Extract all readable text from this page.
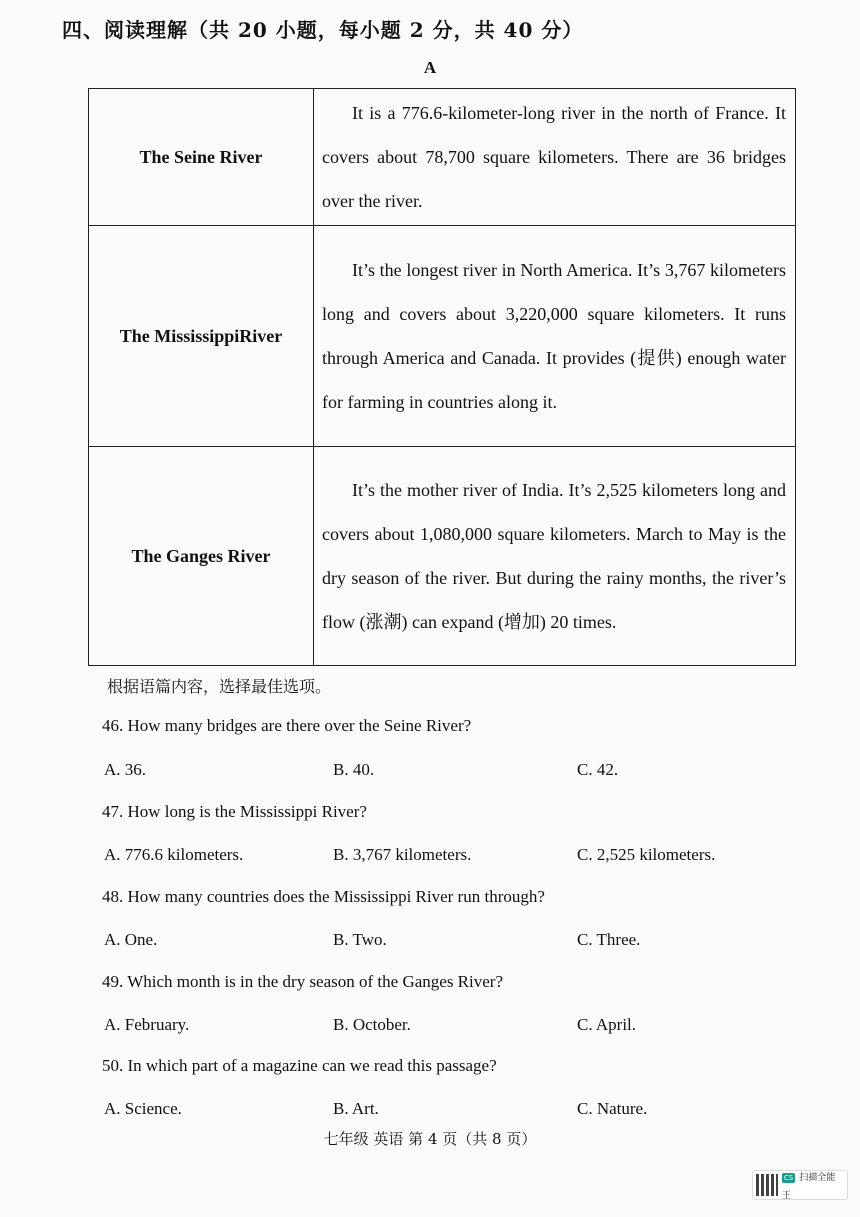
四、阅读理解（共 20 小题，每小题 2 分，共 40 分）
A
The Seine River	It is a 776.6-kilometer-long river in the north of France. It covers about 78,700 square kilometers. There are 36 bridges over the river.

The MississippiRiver	It’s the longest river in North America. It’s 3,767 kilometers long and covers about 3,220,000 square kilometers. It runs through America and Canada. It provides (提供) enough water for farming in countries along it.

The Ganges River	It’s the mother river of India. It’s 2,525 kilometers long and covers about 1,080,000 square kilometers. March to May is the dry season of the river. But during the rainy months, the river’s flow (涨潮) can expand (增加) 20 times.

根据语篇内容，选择最佳选项。
46. How many bridges are there over the Seine River?
A. 36.	B. 40.	C. 42.
47. How long is the Mississippi River?
A. 776.6 kilometers.	B. 3,767 kilometers.	C. 2,525 kilometers.
48. How many countries does the Mississippi River run through?
A. One.	B. Two.	C. Three.
49. Which month is in the dry season of the Ganges River?
A. February.	B. October.	C. April.
50. In which part of a magazine can we read this passage?
A. Science.	B. Art.	C. Nature.
七年级 英语 第 4 页（共 8 页）
CS 扫描全能王
